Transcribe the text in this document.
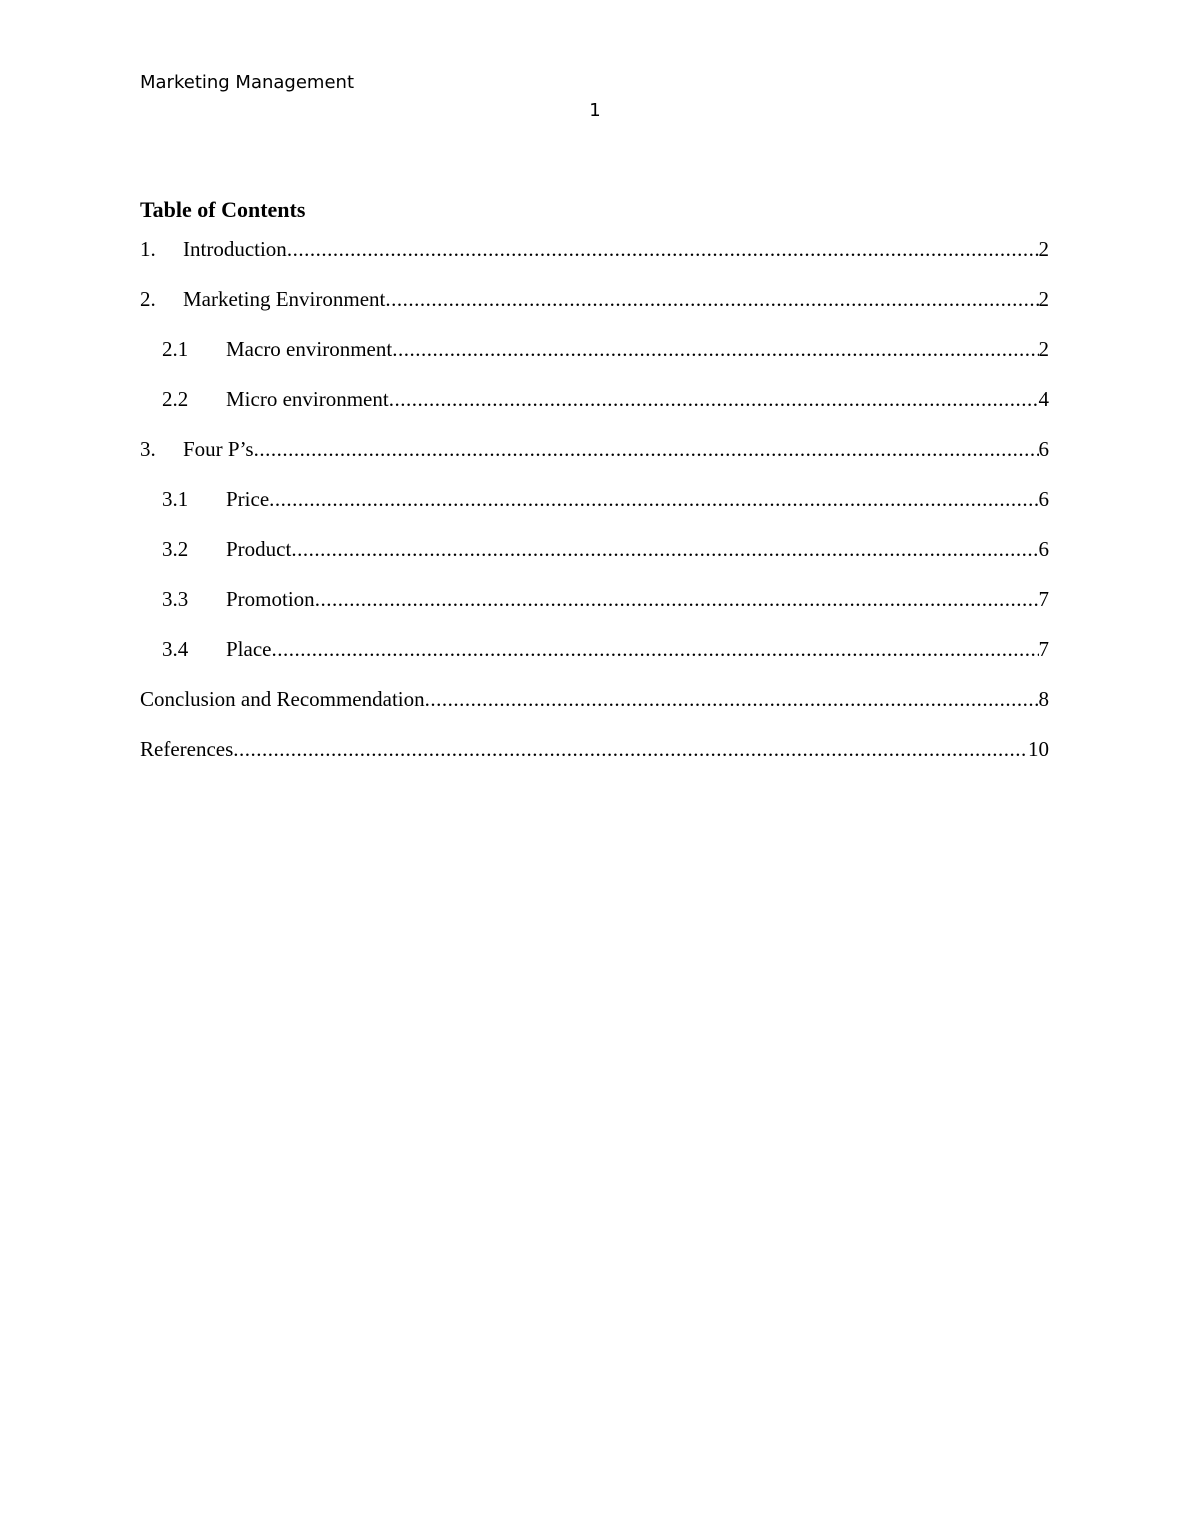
Marketing Management
1
Table of Contents
1.	Introduction .....	2
2.	Marketing Environment .....	2
2.1	Macro environment .....	2
2.2	Micro environment .....	4
3.	Four P’s .....	6
3.1	Price .....	6
3.2	Product .....	6
3.3	Promotion .....	7
3.4	Place .....	7
Conclusion and Recommendation .....	8
References .....	10
